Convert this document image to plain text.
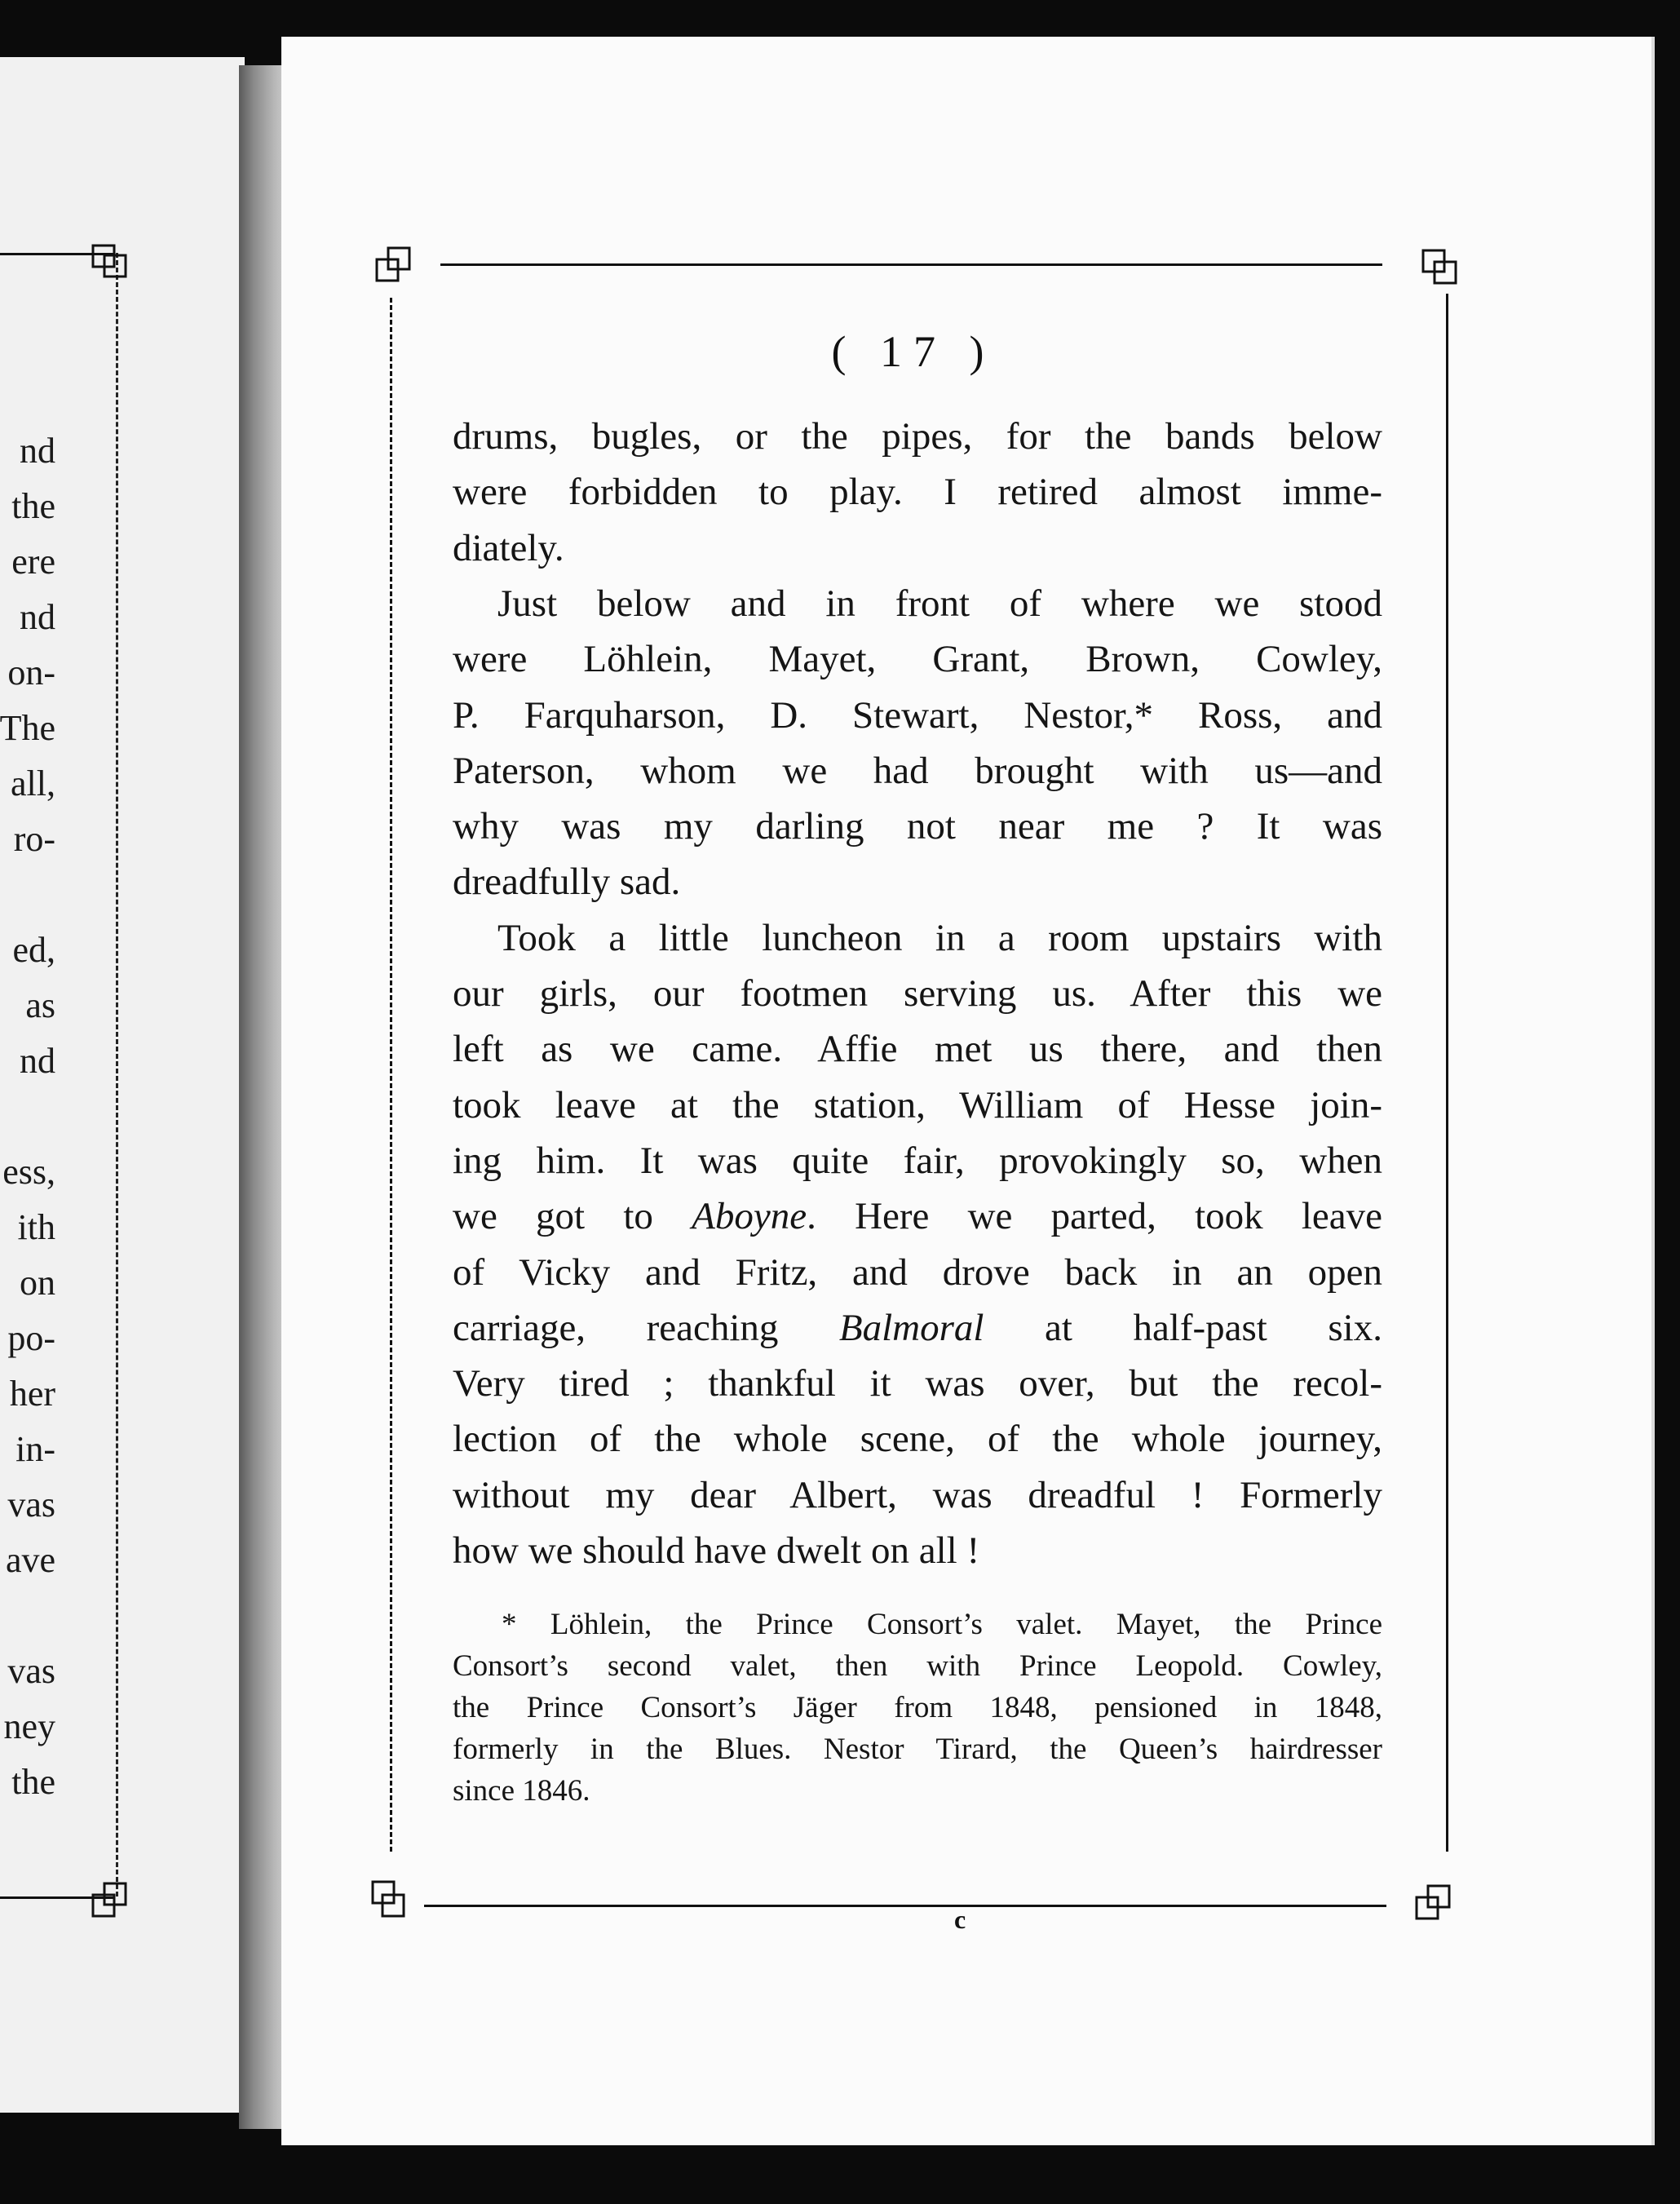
nd
the
ere
nd
on-
The
all,
ro-
ed,
as
nd
ess,
ith
on
po-
her
in-
vas
ave
vas
ney
the
( 17 )
drums, bugles, or the pipes, for the bands below
were forbidden to play. I retired almost imme-
diately.
Just below and in front of where we stood
were Löhlein, Mayet, Grant, Brown, Cowley,
P. Farquharson, D. Stewart, Nestor,* Ross, and
Paterson, whom we had brought with us—and
why was my darling not near me ? It was
dreadfully sad.
Took a little luncheon in a room upstairs with
our girls, our footmen serving us. After this we
left as we came. Affie met us there, and then
took leave at the station, William of Hesse join-
ing him. It was quite fair, provokingly so, when
we got to Aboyne. Here we parted, took leave
of Vicky and Fritz, and drove back in an open
carriage, reaching Balmoral at half-past six.
Very tired ; thankful it was over, but the recol-
lection of the whole scene, of the whole journey,
without my dear Albert, was dreadful ! Formerly
how we should have dwelt on all !
* Löhlein, the Prince Consort’s valet. Mayet, the Prince
Consort’s second valet, then with Prince Leopold. Cowley,
the Prince Consort’s Jäger from 1848, pensioned in 1848,
formerly in the Blues. Nestor Tirard, the Queen’s hairdresser
since 1846.
c
